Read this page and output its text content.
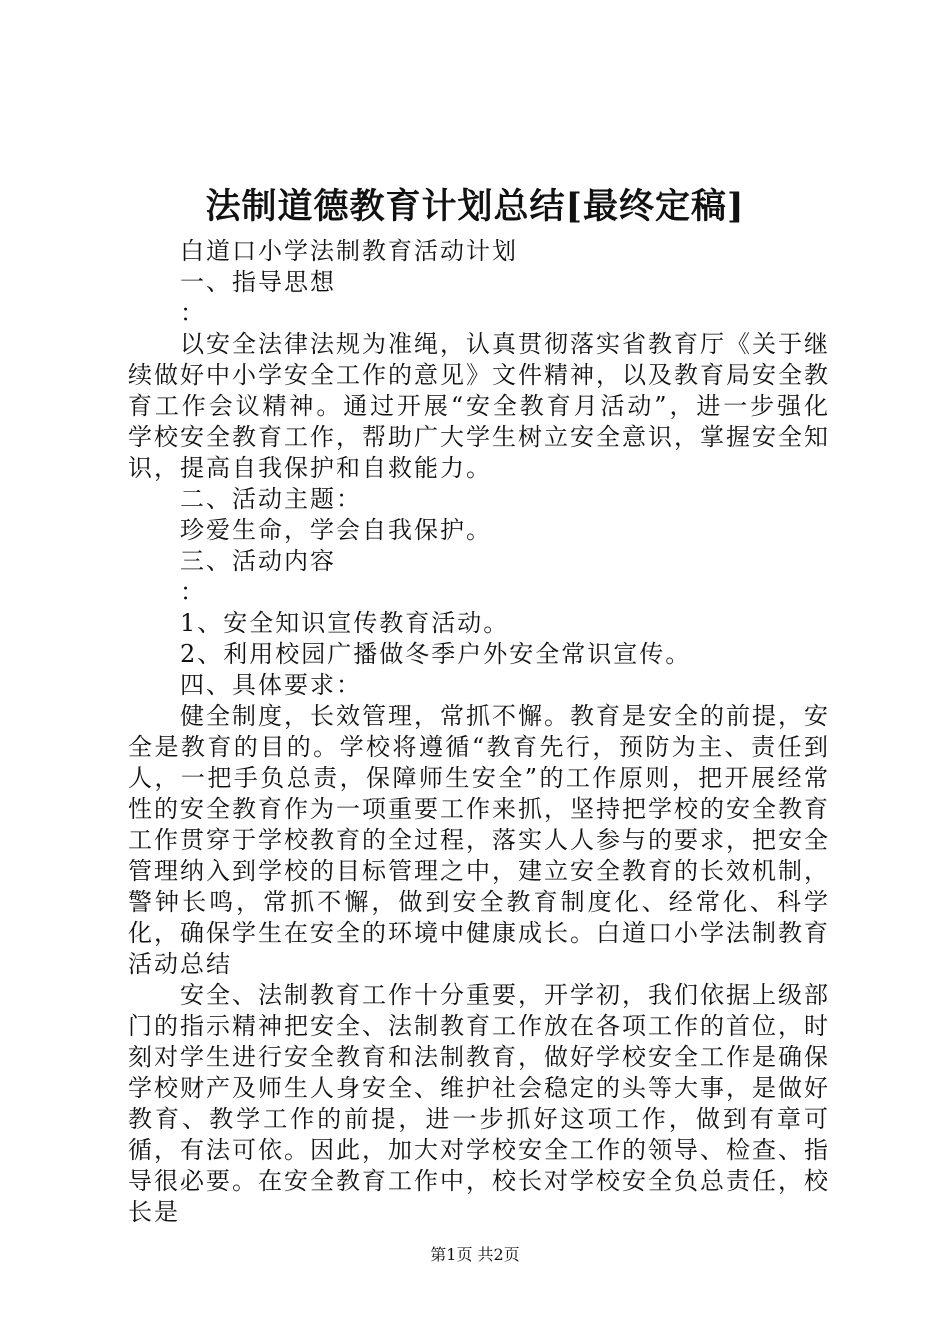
法制道德教育计划总结[最终定稿]

白道口小学法制教育活动计划

一、指导思想

：

以安全法律法规为准绳，认真贯彻落实省教育厅《关于继续做好中小学安全工作的意见》文件精神，以及教育局安全教育工作会议精神。通过开展“安全教育月活动”，进一步强化学校安全教育工作，帮助广大学生树立安全意识，掌握安全知识，提高自我保护和自救能力。

二、活动主题：

珍爱生命，学会自我保护。

三、活动内容

：

1、安全知识宣传教育活动。

2、利用校园广播做冬季户外安全常识宣传。

四、具体要求：

健全制度，长效管理，常抓不懈。教育是安全的前提，安全是教育的目的。学校将遵循“教育先行，预防为主、责任到人，一把手负总责，保障师生安全”的工作原则，把开展经常性的安全教育作为一项重要工作来抓，坚持把学校的安全教育工作贯穿于学校教育的全过程，落实人人参与的要求，把安全管理纳入到学校的目标管理之中，建立安全教育的长效机制，警钟长鸣，常抓不懈，做到安全教育制度化、经常化、科学化，确保学生在安全的环境中健康成长。白道口小学法制教育活动总结

安全、法制教育工作十分重要，开学初，我们依据上级部门的指示精神把安全、法制教育工作放在各项工作的首位，时刻对学生进行安全教育和法制教育，做好学校安全工作是确保学校财产及师生人身安全、维护社会稳定的头等大事，是做好教育、教学工作的前提，进一步抓好这项工作，做到有章可循，有法可依。因此，加大对学校安全工作的领导、检查、指导很必要。在安全教育工作中，校长对学校安全负总责任，校长是

第1页 共2页
